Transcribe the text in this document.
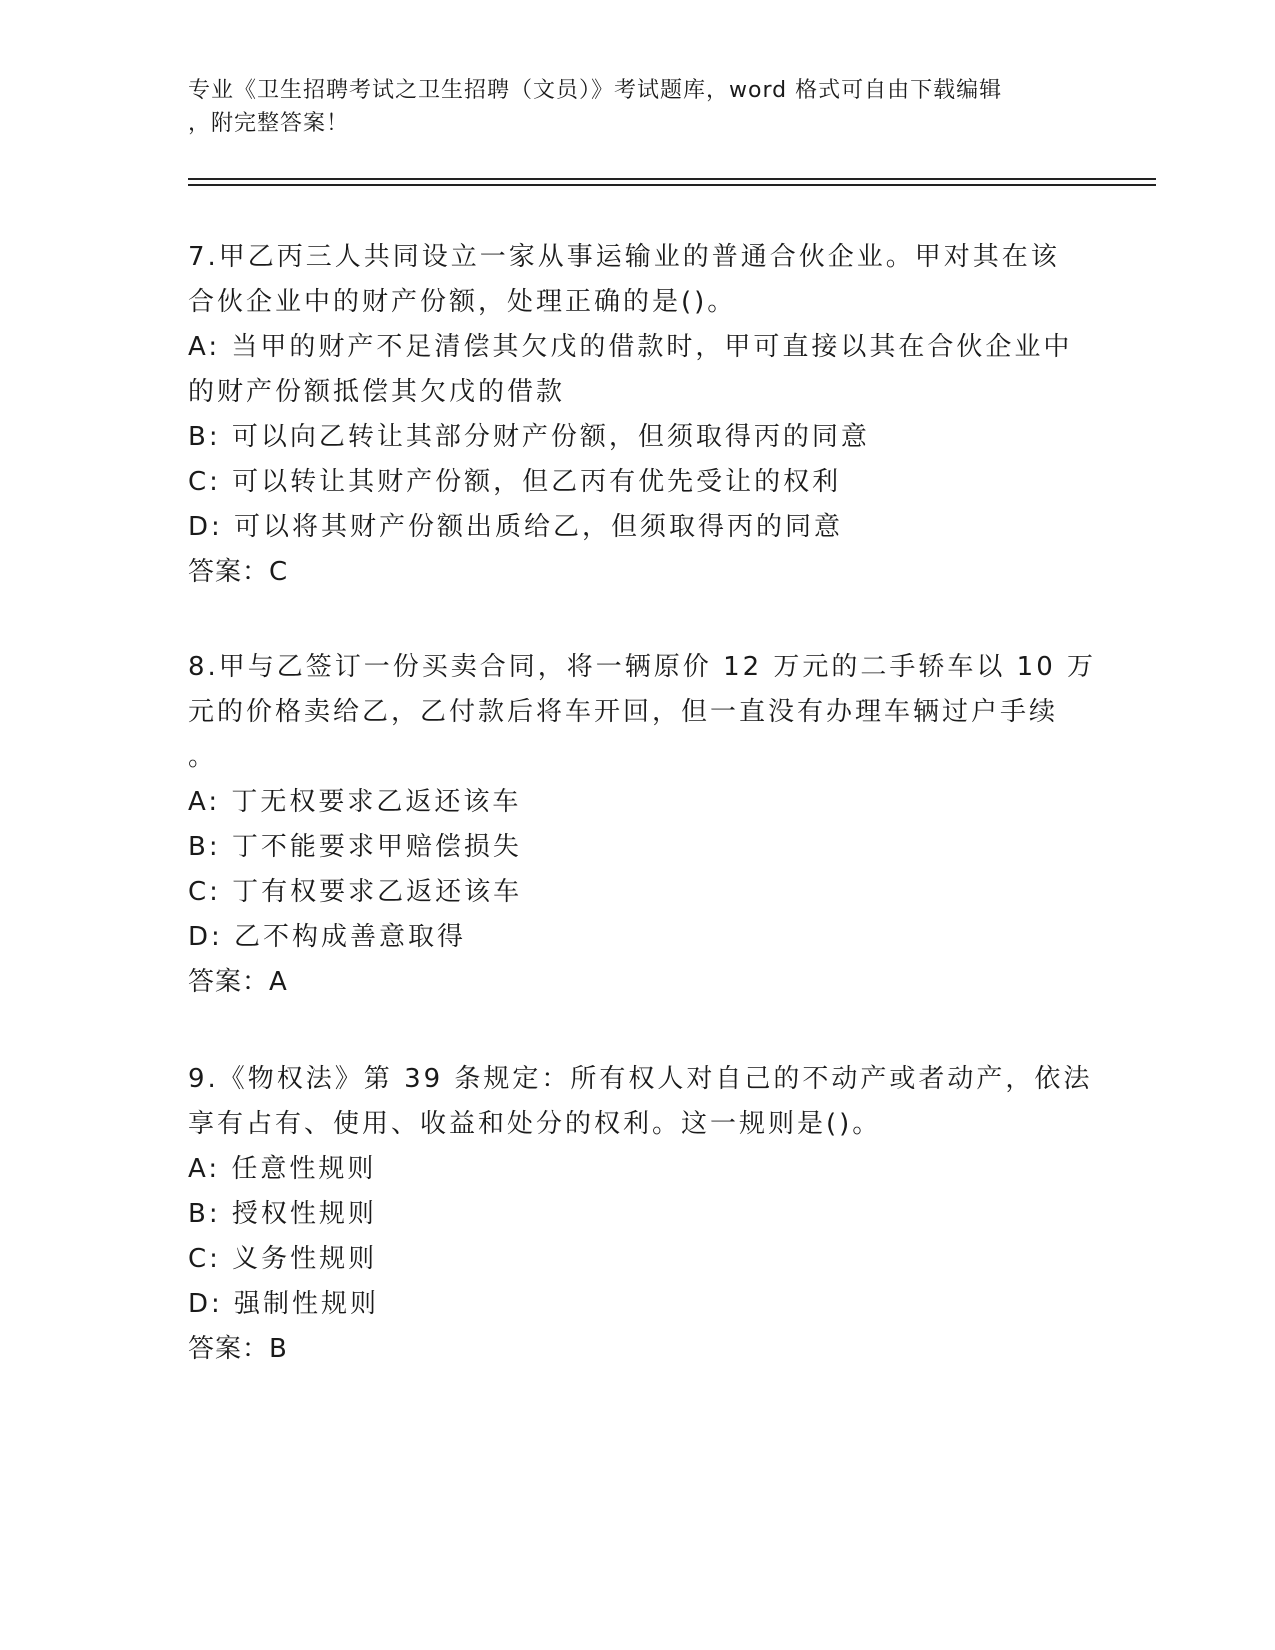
专业《卫生招聘考试之卫生招聘（文员）》考试题库，word 格式可自由下载编辑
，附完整答案！
7.甲乙丙三人共同设立一家从事运输业的普通合伙企业。甲对其在该
合伙企业中的财产份额，处理正确的是()。
A: 当甲的财产不足清偿其欠戊的借款时，甲可直接以其在合伙企业中
的财产份额抵偿其欠戊的借款
B: 可以向乙转让其部分财产份额，但须取得丙的同意
C: 可以转让其财产份额，但乙丙有优先受让的权利
D: 可以将其财产份额出质给乙，但须取得丙的同意
答案：C
8.甲与乙签订一份买卖合同，将一辆原价 12 万元的二手轿车以 10 万
元的价格卖给乙，乙付款后将车开回，但一直没有办理车辆过户手续
。
A: 丁无权要求乙返还该车
B: 丁不能要求甲赔偿损失
C: 丁有权要求乙返还该车
D: 乙不构成善意取得
答案：A
9.《物权法》第 39 条规定：所有权人对自己的不动产或者动产，依法
享有占有、使用、收益和处分的权利。这一规则是()。
A: 任意性规则
B: 授权性规则
C: 义务性规则
D: 强制性规则
答案：B
